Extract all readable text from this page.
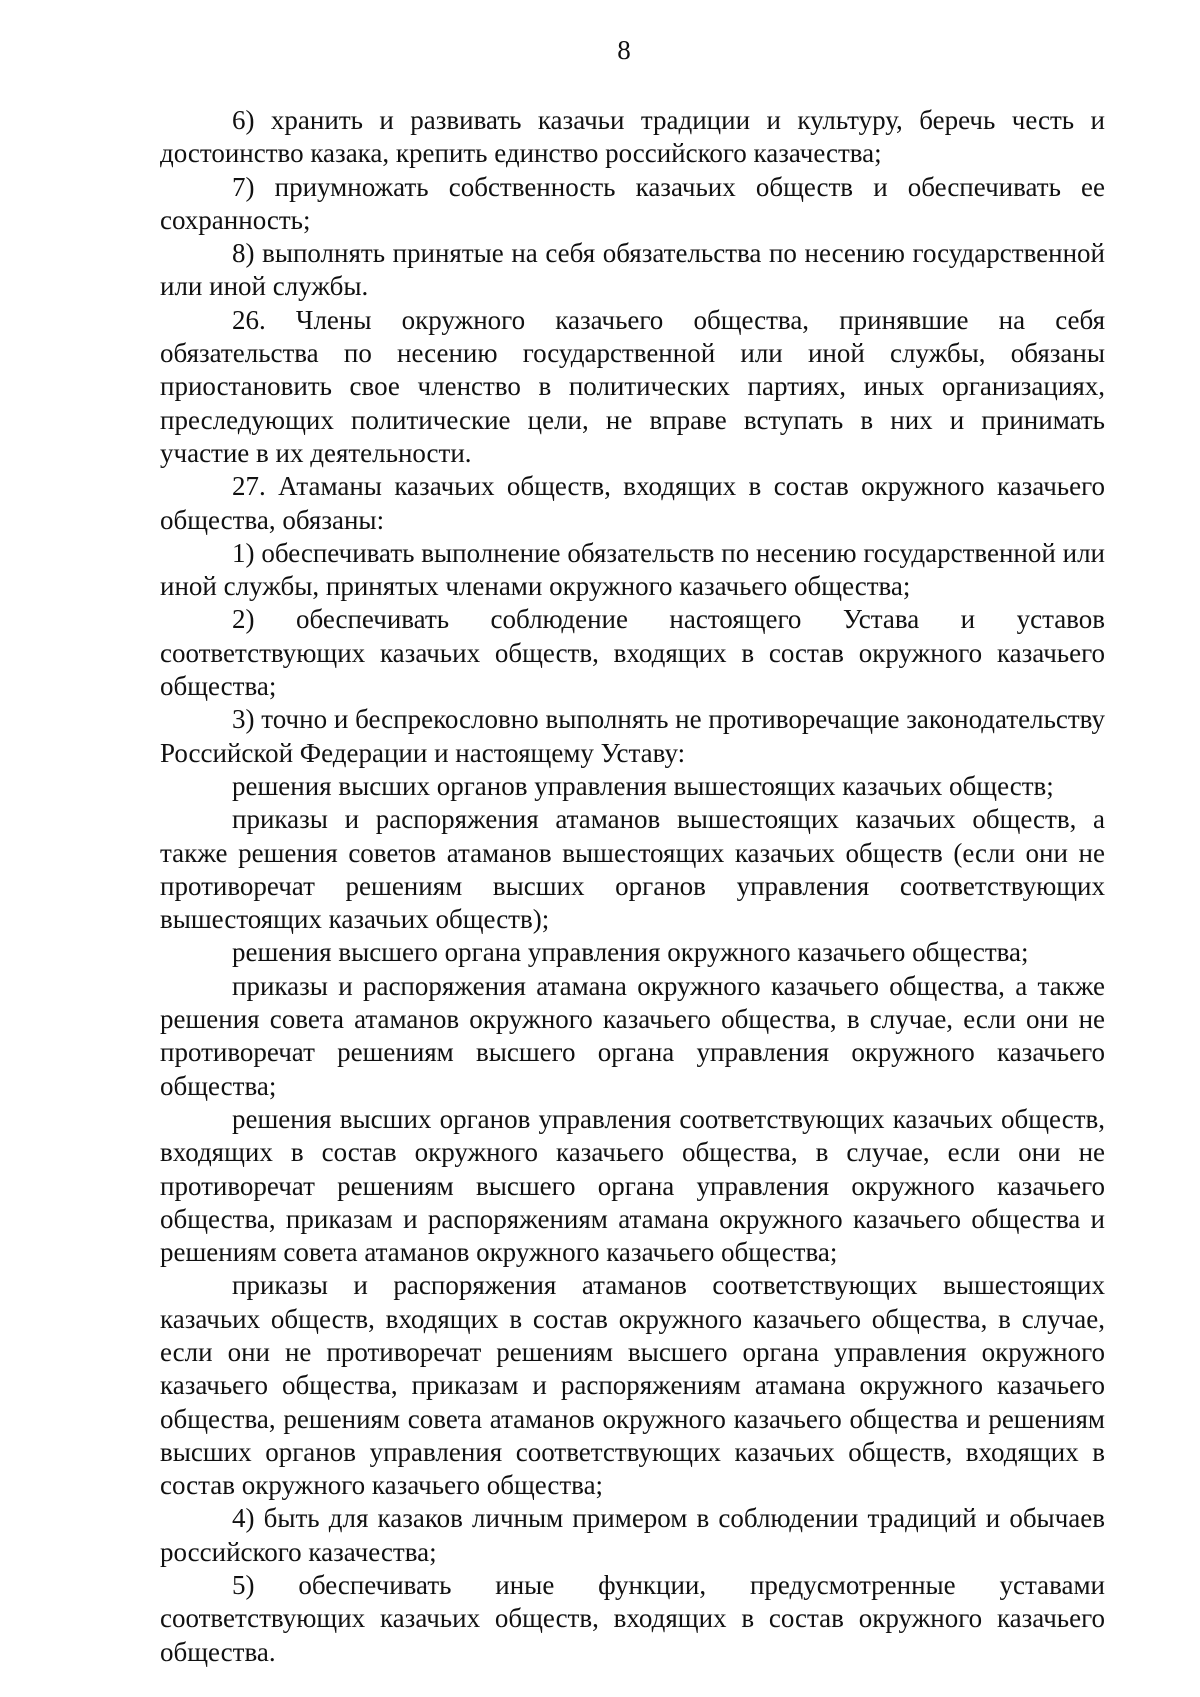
8

6) хранить и развивать казачьи традиции и культуру, беречь честь и достоинство казака, крепить единство российского казачества;

7) приумножать собственность казачьих обществ и обеспечивать ее сохранность;

8) выполнять принятые на себя обязательства по несению государственной или иной службы.

26. Члены окружного казачьего общества, принявшие на себя обязательства по несению государственной или иной службы, обязаны приостановить свое членство в политических партиях, иных организациях, преследующих политические цели, не вправе вступать в них и принимать участие в их деятельности.

27. Атаманы казачьих обществ, входящих в состав окружного казачьего общества, обязаны:

1) обеспечивать выполнение обязательств по несению государственной или иной службы, принятых членами окружного казачьего общества;

2) обеспечивать соблюдение настоящего Устава и уставов соответствующих казачьих обществ, входящих в состав окружного казачьего общества;

3) точно и беспрекословно выполнять не противоречащие законодательству Российской Федерации и настоящему Уставу:

решения высших органов управления вышестоящих казачьих обществ;

приказы и распоряжения атаманов вышестоящих казачьих обществ, а также решения советов атаманов вышестоящих казачьих обществ (если они не противоречат решениям высших органов управления соответствующих вышестоящих казачьих обществ);

решения высшего органа управления окружного казачьего общества;

приказы и распоряжения атамана окружного казачьего общества, а также решения совета атаманов окружного казачьего общества, в случае, если они не противоречат решениям высшего органа управления окружного казачьего общества;

решения высших органов управления соответствующих казачьих обществ, входящих в состав окружного казачьего общества, в случае, если они не противоречат решениям высшего органа управления окружного казачьего общества, приказам и распоряжениям атамана окружного казачьего общества и решениям совета атаманов окружного казачьего общества;

приказы и распоряжения атаманов соответствующих вышестоящих казачьих обществ, входящих в состав окружного казачьего общества, в случае, если они не противоречат решениям высшего органа управления окружного казачьего общества, приказам и распоряжениям атамана окружного казачьего общества, решениям совета атаманов окружного казачьего общества и решениям высших органов управления соответствующих казачьих обществ, входящих в состав окружного казачьего общества;

4) быть для казаков личным примером в соблюдении традиций и обычаев российского казачества;

5) обеспечивать иные функции, предусмотренные уставами соответствующих казачьих обществ, входящих в состав окружного казачьего общества.
